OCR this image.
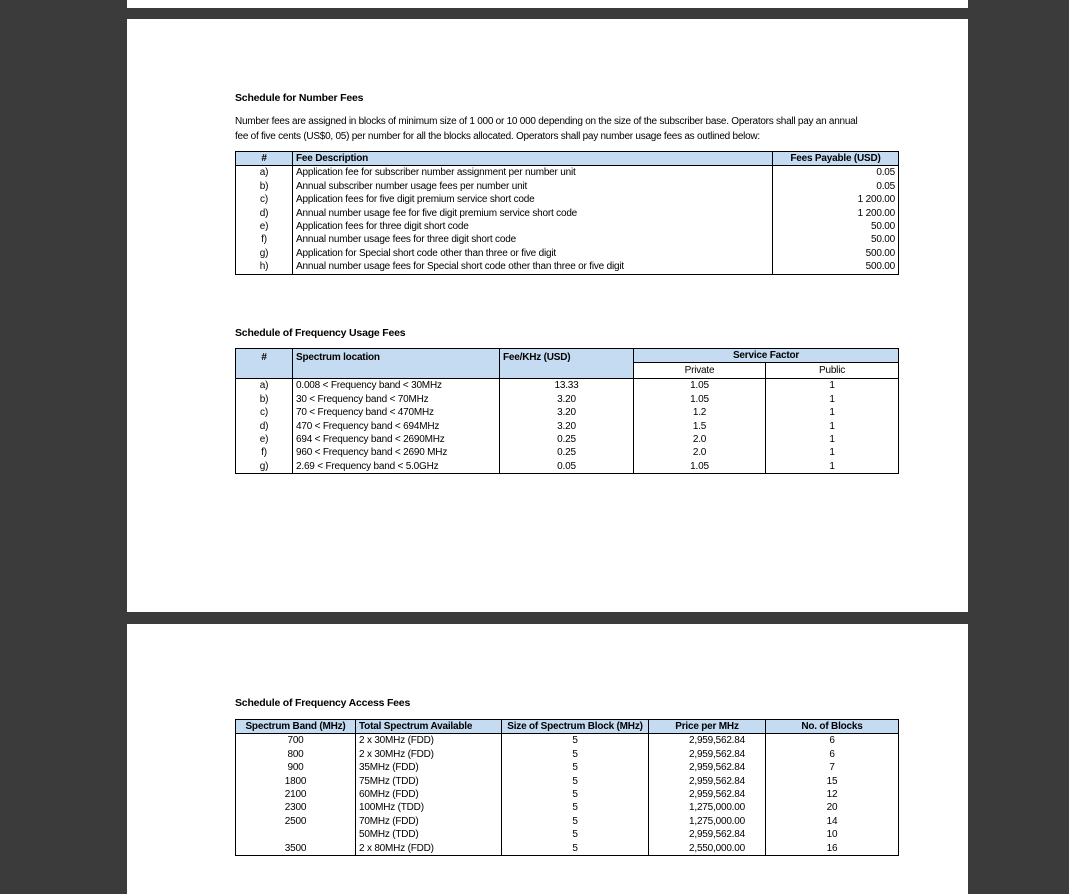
Schedule for Number Fees

Number fees are assigned in blocks of minimum size of 1 000 or 10 000 depending on the size of the subscriber base. Operators shall pay an annual

fee of five cents (US$0, 05) per number for all the blocks allocated. Operators shall pay number usage fees as outlined below:

#	Fee Description	Fees Payable (USD)
a)	Application fee for subscriber number assignment per number unit	0.05
b)	Annual subscriber number usage fees per number unit	0.05
c)	Application fees for five digit premium service short code	1 200.00
d)	Annual number usage fee for five digit premium service short code	1 200.00
e)	Application fees for three digit short code	50.00
f)	Annual number usage fees for three digit short code	50.00
g)	Application for Special short code other than three or five digit	500.00
h)	Annual number usage fees for Special short code other than three or five digit	500.00
Schedule of Frequency Usage Fees
#	Spectrum location	Fee/KHz (USD)	Service Factor	
			Private	Public
a)	0.008 < Frequency band < 30MHz	13.33	1.05	1
b)	30 < Frequency band < 70MHz	3.20	1.05	1
c)	70 < Frequency band < 470MHz	3.20	1.2	1
d)	470 < Frequency band < 694MHz	3.20	1.5	1
e)	694 < Frequency band < 2690MHz	0.25	2.0	1
f)	960 < Frequency band < 2690 MHz	0.25	2.0	1
g)	2.69 < Frequency band < 5.0GHz	0.05	1.05	1
Schedule of Frequency Access Fees
Spectrum Band (MHz)	Total Spectrum Available	Size of Spectrum Block (MHz)	Price per MHz	No. of Blocks
700	2 x 30MHz (FDD)	5	2,959,562.84	6
800	2 x 30MHz (FDD)	5	2,959,562.84	6
900	35MHz (FDD)	5	2,959,562.84	7
1800	75MHz (TDD)	5	2,959,562.84	15
2100	60MHz (FDD)	5	2,959,562.84	12
2300	100MHz (TDD)	5	1,275,000.00	20
2500	70MHz (FDD)	5	1,275,000.00	14
	50MHz (TDD)	5	2,959,562.84	10
3500	2 x 80MHz (FDD)	5	2,550,000.00	16
